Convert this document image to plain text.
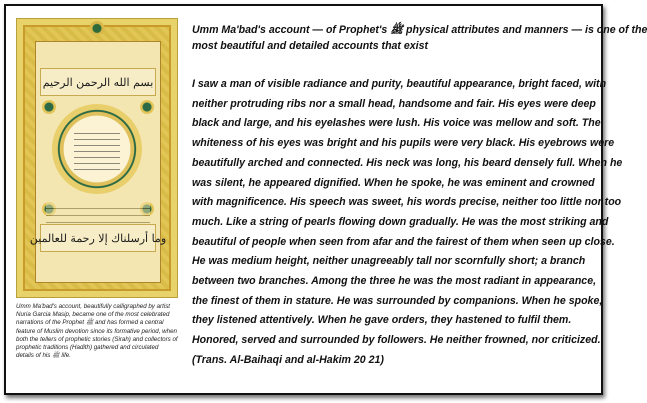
بسم الله الرحمن الرحيم
وما أرسلناك إلا رحمة للعالمين
Umm Ma'bad's account, beautifully calligraphed by artist
Nuria Garcia Masip, became one of the most celebrated
narrations of the Prophet ﷺ and has formed a central
feature of Muslim devotion since its formative period, when
both the tellers of prophetic stories (Sirah) and collectors of
prophetic traditions (Hadith) gathered and circulated
details of his ﷺ life.
Umm Ma'bad's account — of Prophet's ﷺ physical attributes and manners — is one of the
most beautiful and detailed accounts that exist
I saw a man of visible radiance and purity, beautiful appearance, bright faced, with
neither protruding ribs nor a small head, handsome and fair. His eyes were deep
black and large, and his eyelashes were lush. His voice was mellow and soft. The
whiteness of his eyes was bright and his pupils were very black. His eyebrows were
beautifully arched and connected. His neck was long, his beard densely full. When he
was silent, he appeared dignified. When he spoke, he was eminent and crowned
with magnificence. His speech was sweet, his words precise, neither too little nor too
much. Like a string of pearls flowing down gradually. He was the most striking and
beautiful of people when seen from afar and the fairest of them when seen up close.
He was medium height, neither unagreeably tall nor scornfully short; a branch
between two branches. Among the three he was the most radiant in appearance,
the finest of them in stature. He was surrounded by companions. When he spoke,
they listened attentively. When he gave orders, they hastened to fulfil them.
Honored, served and surrounded by followers. He neither frowned, nor criticized.
(Trans. Al-Baihaqi and al-Hakim 20 21)
